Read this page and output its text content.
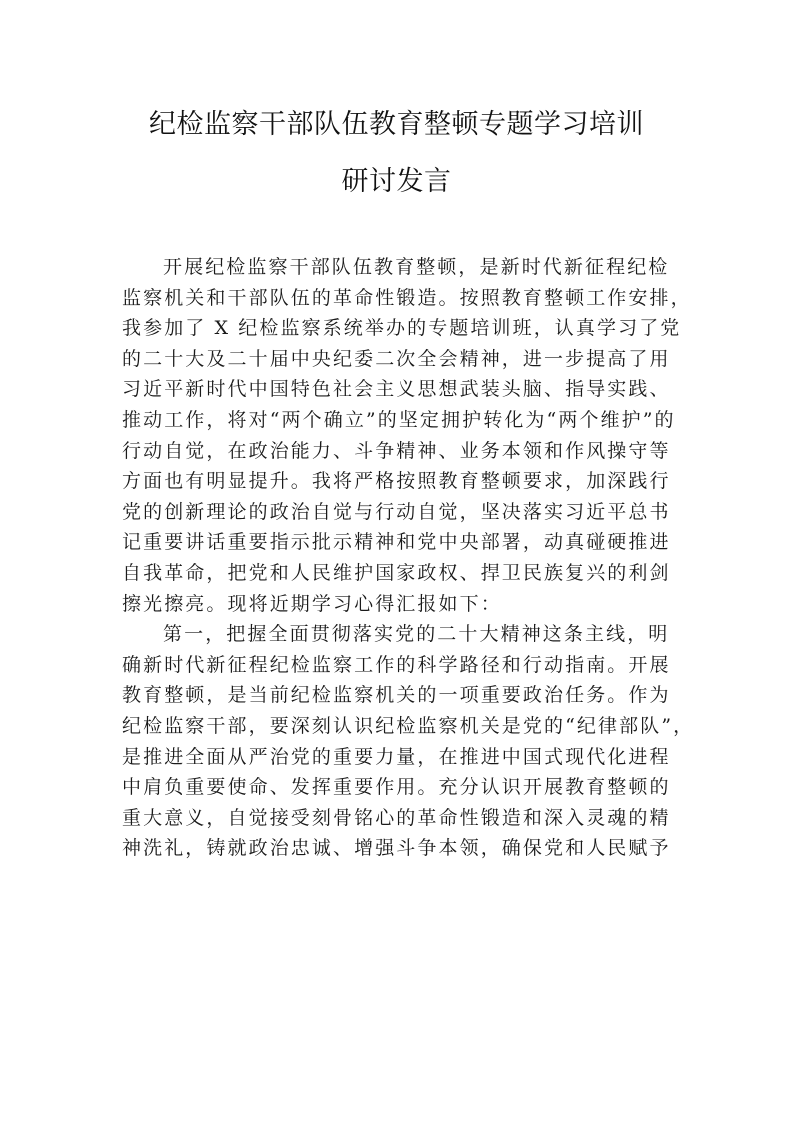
纪检监察干部队伍教育整顿专题学习培训
研讨发言
开展纪检监察干部队伍教育整顿，是新时代新征程纪检
监察机关和干部队伍的革命性锻造。按照教育整顿工作安排，
我参加了 X 纪检监察系统举办的专题培训班，认真学习了党
的二十大及二十届中央纪委二次全会精神，进一步提高了用
习近平新时代中国特色社会主义思想武装头脑、指导实践、
推动工作，将对“两个确立”的坚定拥护转化为“两个维护”的
行动自觉，在政治能力、斗争精神、业务本领和作风操守等
方面也有明显提升。我将严格按照教育整顿要求，加深践行
党的创新理论的政治自觉与行动自觉，坚决落实习近平总书
记重要讲话重要指示批示精神和党中央部署，动真碰硬推进
自我革命，把党和人民维护国家政权、捍卫民族复兴的利剑
擦光擦亮。现将近期学习心得汇报如下：
第一，把握全面贯彻落实党的二十大精神这条主线，明
确新时代新征程纪检监察工作的科学路径和行动指南。开展
教育整顿，是当前纪检监察机关的一项重要政治任务。作为
纪检监察干部，要深刻认识纪检监察机关是党的“纪律部队”，
是推进全面从严治党的重要力量，在推进中国式现代化进程
中肩负重要使命、发挥重要作用。充分认识开展教育整顿的
重大意义，自觉接受刻骨铭心的革命性锻造和深入灵魂的精
神洗礼，铸就政治忠诚、增强斗争本领，确保党和人民赋予
